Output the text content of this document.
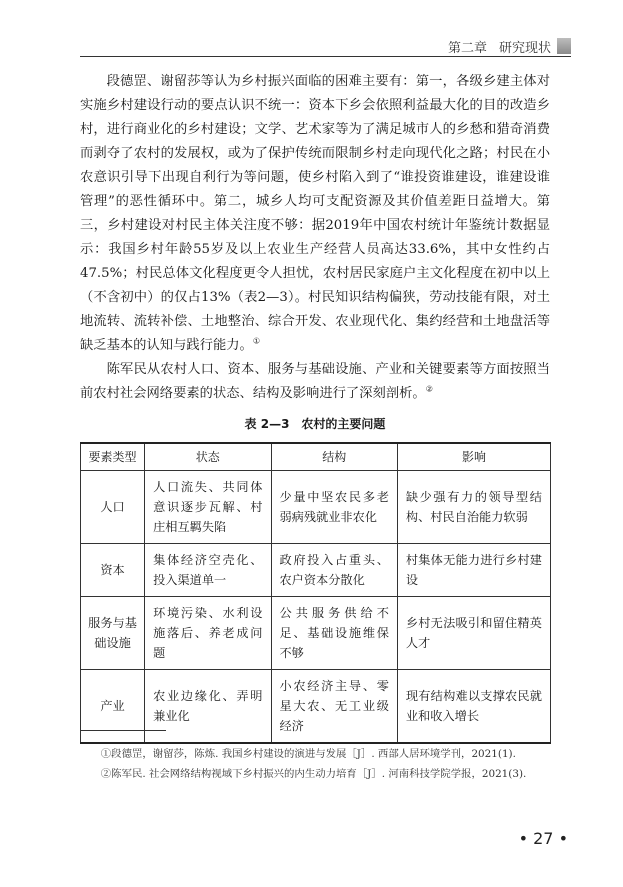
第二章 研究现状

段德罡、谢留莎等认为乡村振兴面临的困难主要有：第一，各级乡建主体对实施乡村建设行动的要点认识不统一：资本下乡会依照利益最大化的目的改造乡村，进行商业化的乡村建设；文学、艺术家等为了满足城市人的乡愁和猎奇消费而剥夺了农村的发展权，或为了保护传统而限制乡村走向现代化之路；村民在小农意识引导下出现自利行为等问题，使乡村陷入到了“谁投资谁建设，谁建设谁管理”的恶性循环中。第二，城乡人均可支配资源及其价值差距日益增大。第三，乡村建设对村民主体关注度不够：据2019年中国农村统计年鉴统计数据显示：我国乡村年龄55岁及以上农业生产经营人员高达33.6%，其中女性约占47.5%；村民总体文化程度更令人担忧，农村居民家庭户主文化程度在初中以上（不含初中）的仅占13%（表2—3）。村民知识结构偏狭，劳动技能有限，对土地流转、流转补偿、土地整治、综合开发、农业现代化、集约经营和土地盘活等缺乏基本的认知与践行能力。①

陈军民从农村人口、资本、服务与基础设施、产业和关键要素等方面按照当前农村社会网络要素的状态、结构及影响进行了深刻剖析。②

表 2—3　农村的主要问题
要素类型	状态	结构	影响
人口	人口流失、共同体意识逐步瓦解、村庄相互羁失陷	少量中坚农民多老弱病残就业非农化	缺少强有力的领导型结构、村民自治能力软弱
资本	集体经济空壳化、投入渠道单一	政府投入占重头、农户资本分散化	村集体无能力进行乡村建设
服务与基础设施	环境污染、水利设施落后、养老成问题	公共服务供给不足、基础设施维保不够	乡村无法吸引和留住精英人才
产业	农业边缘化、弄明兼业化	小农经济主导、零星大农、无工业级经济	现有结构难以支撑农民就业和收入增长

①段德罡，谢留莎，陈炼. 我国乡村建设的演进与发展［J］. 西部人居环境学刊，2021(1).

②陈军民. 社会网络结构视域下乡村振兴的内生动力培育［J］. 河南科技学院学报，2021(3).

• 27 •
